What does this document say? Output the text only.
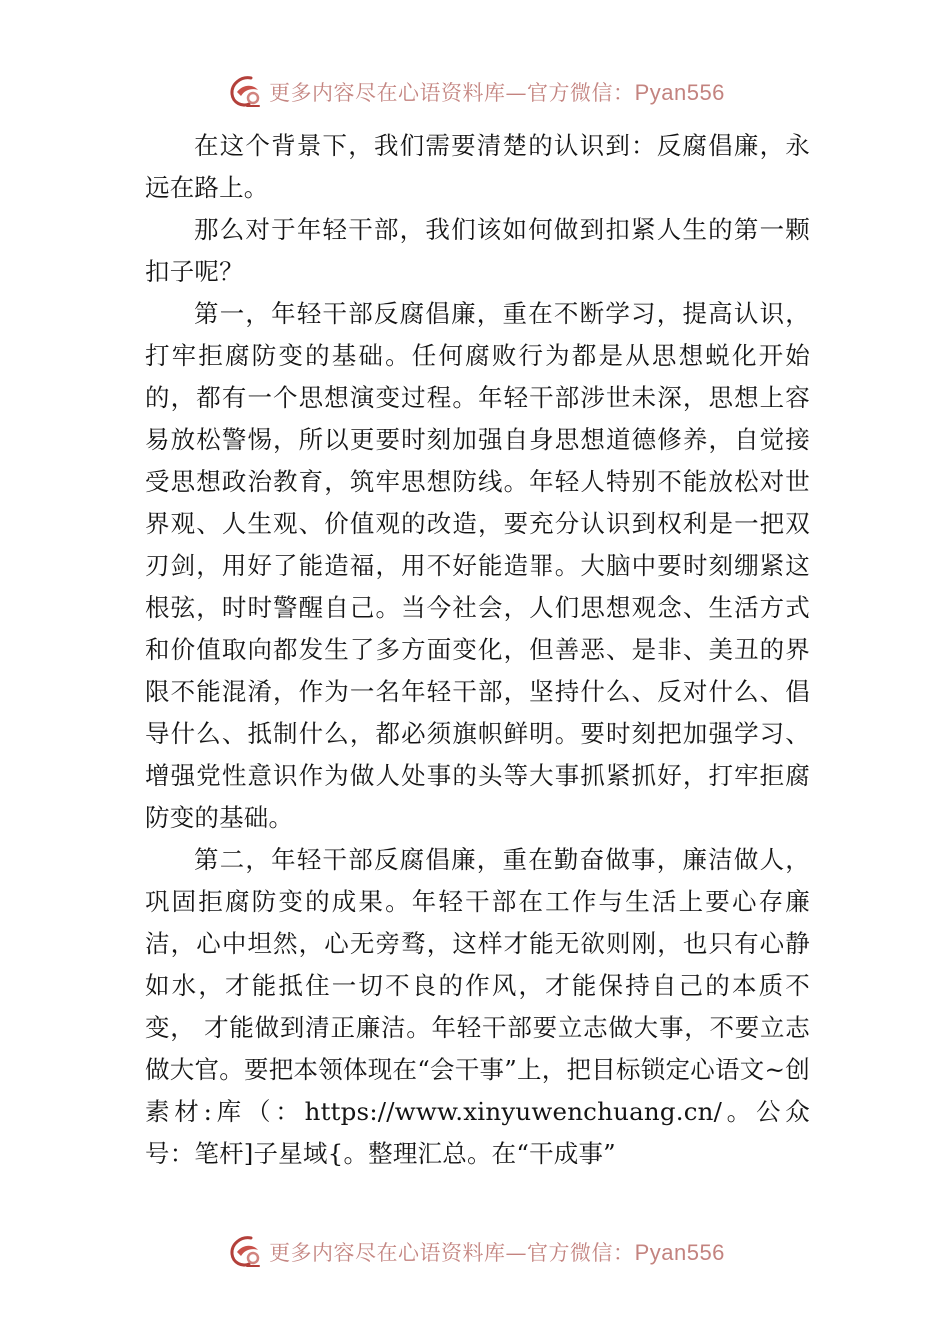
更多内容尽在心语资料库—官方微信：Pyan556

在这个背景下，我们需要清楚的认识到：反腐倡廉，永远在路上。

那么对于年轻干部，我们该如何做到扣紧人生的第一颗扣子呢？

第一，年轻干部反腐倡廉，重在不断学习，提高认识，打牢拒腐防变的基础。任何腐败行为都是从思想蜕化开始的，都有一个思想演变过程。年轻干部涉世未深，思想上容易放松警惕，所以更要时刻加强自身思想道德修养，自觉接受思想政治教育，筑牢思想防线。年轻人特别不能放松对世界观、人生观、价值观的改造，要充分认识到权利是一把双刃剑，用好了能造福，用不好能造罪。大脑中要时刻绷紧这根弦，时时警醒自己。当今社会，人们思想观念、生活方式和价值取向都发生了多方面变化，但善恶、是非、美丑的界限不能混淆，作为一名年轻干部，坚持什么、反对什么、倡导什么、抵制什么，都必须旗帜鲜明。要时刻把加强学习、增强党性意识作为做人处事的头等大事抓紧抓好，打牢拒腐防变的基础。

第二，年轻干部反腐倡廉，重在勤奋做事，廉洁做人，巩固拒腐防变的成果。年轻干部在工作与生活上要心存廉洁，心中坦然，心无旁骛，这样才能无欲则刚，也只有心静如水，才能抵住一切不良的作风，才能保持自己的本质不变， 才能做到清正廉洁。年轻干部要立志做大事，不要立志做大官。要把本领体现在“会干事”上，把目标锁定心语文~创素材:库（：https://www.xinyuwenchuang.cn/。公众号：笔杆]子星域{。整理汇总。在“干成事”

更多内容尽在心语资料库—官方微信：Pyan556
